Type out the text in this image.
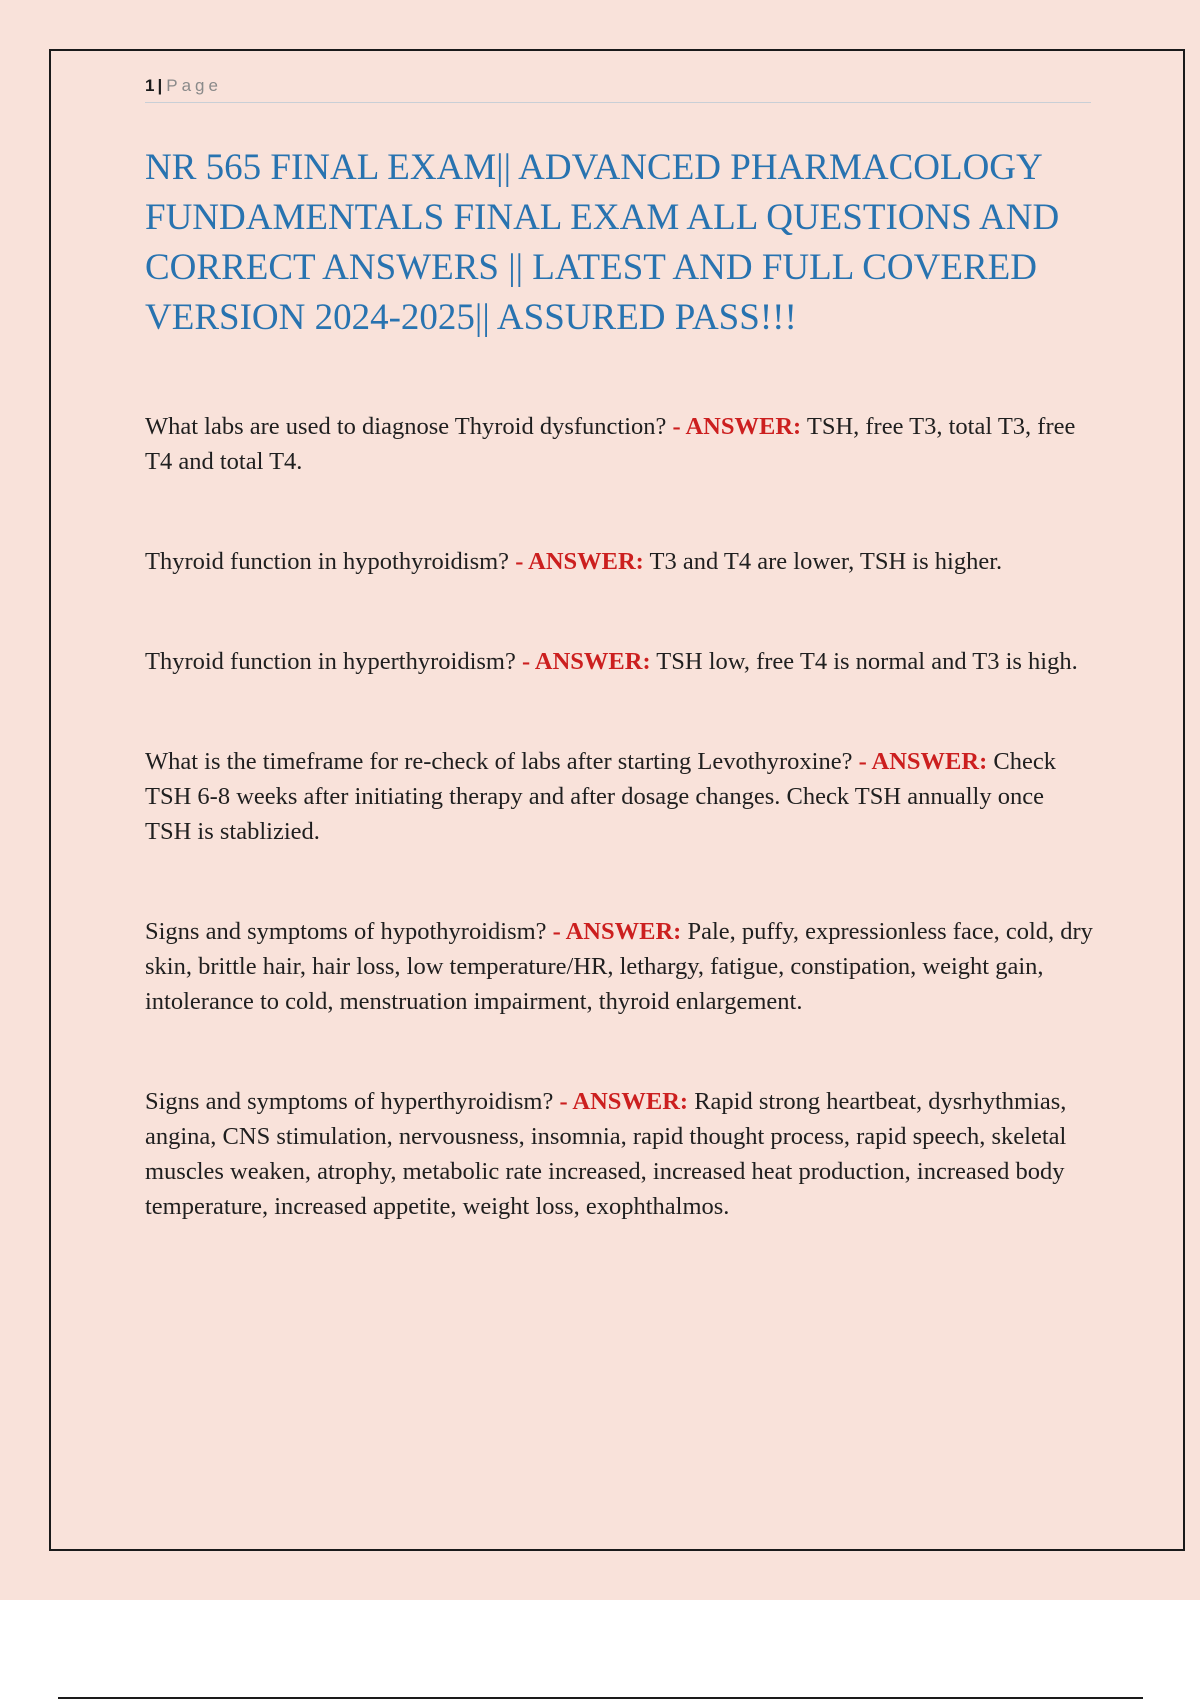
1 | Page
NR 565 FINAL EXAM|| ADVANCED PHARMACOLOGY FUNDAMENTALS FINAL EXAM ALL QUESTIONS AND CORRECT ANSWERS || LATEST AND FULL COVERED VERSION 2024-2025|| ASSURED PASS!!!

What labs are used to diagnose Thyroid dysfunction? - ANSWER: TSH, free T3, total T3, free T4 and total T4.

Thyroid function in hypothyroidism? - ANSWER: T3 and T4 are lower, TSH is higher.

Thyroid function in hyperthyroidism? - ANSWER: TSH low, free T4 is normal and T3 is high.

What is the timeframe for re-check of labs after starting Levothyroxine? - ANSWER: Check TSH 6-8 weeks after initiating therapy and after dosage changes. Check TSH annually once TSH is stablizied.

Signs and symptoms of hypothyroidism? - ANSWER: Pale, puffy, expressionless face, cold, dry skin, brittle hair, hair loss, low temperature/HR, lethargy, fatigue, constipation, weight gain, intolerance to cold, menstruation impairment, thyroid enlargement.

Signs and symptoms of hyperthyroidism? - ANSWER: Rapid strong heartbeat, dysrhythmias, angina, CNS stimulation, nervousness, insomnia, rapid thought process, rapid speech, skeletal muscles weaken, atrophy, metabolic rate increased, increased heat production, increased body temperature, increased appetite, weight loss, exophthalmos.
